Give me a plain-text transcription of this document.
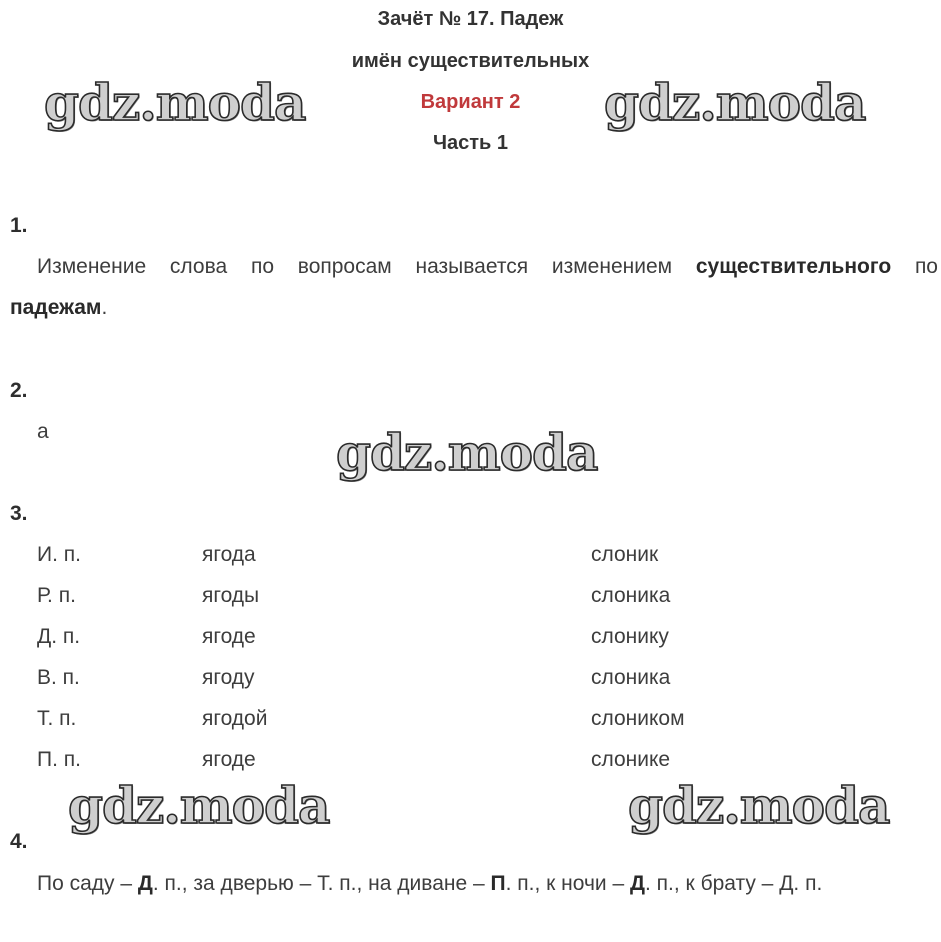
Зачёт № 17. Падеж
имён существительных
Вариант 2
Часть 1
gdz.moda	gdz.moda
gdz.moda
gdz.moda	gdz.moda
1.
Изменение слова по вопросам называется изменением существительного по
падежам.
2.
а
3.
И. п.	ягода	слоник
Р. п.	ягоды	слоника
Д. п.	ягоде	слонику
В. п.	ягоду	слоника
Т. п.	ягодой	слоником
П. п.	ягоде	слонике
4.
По саду – Д. п., за дверью – Т. п., на диване – П. п., к ночи – Д. п., к брату – Д. п.
